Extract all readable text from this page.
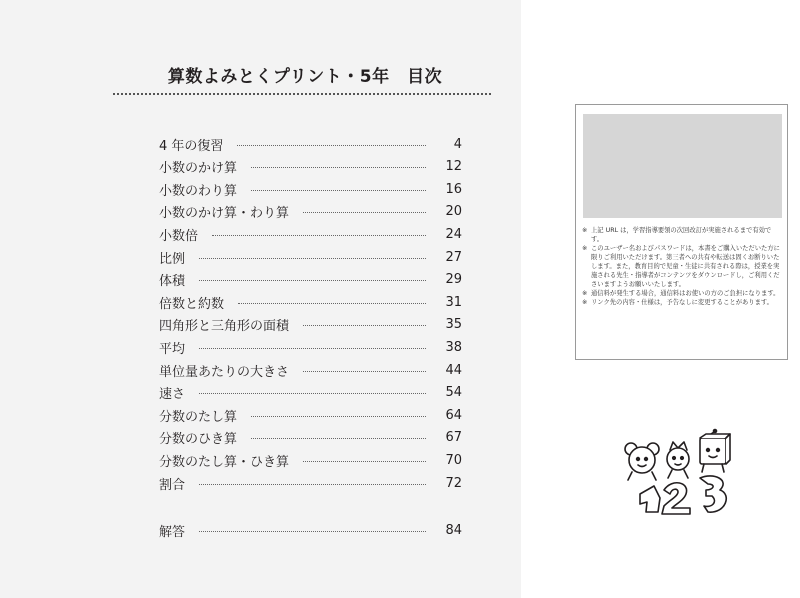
算数よみとくプリント・5年　目次
4 年の復習	4
小数のかけ算	12
小数のわり算	16
小数のかけ算・わり算	20
小数倍	24
比例	27
体積	29
倍数と約数	31
四角形と三角形の面積	35
平均	38
単位量あたりの大きさ	44
速さ	54
分数のたし算	64
分数のひき算	67
分数のたし算・ひき算	70
割合	72
解答	84
※ 上記 URL は，学習指導要領の次回改訂が実施されるまで有効です。
※ このユーザー名およびパスワードは，本書をご購入いただいた方に限りご利用いただけます。第三者への共有や転送は固くお断りいたします。また，教育目的で児童・生徒に共有される際は，授業を実施される先生・指導者がコンテンツをダウンロードし，ご利用くださいますようお願いいたします。
※ 通信料が発生する場合，通信料はお使いの方のご負担になります。
※ リンク先の内容・仕様は，予告なしに変更することがあります。
